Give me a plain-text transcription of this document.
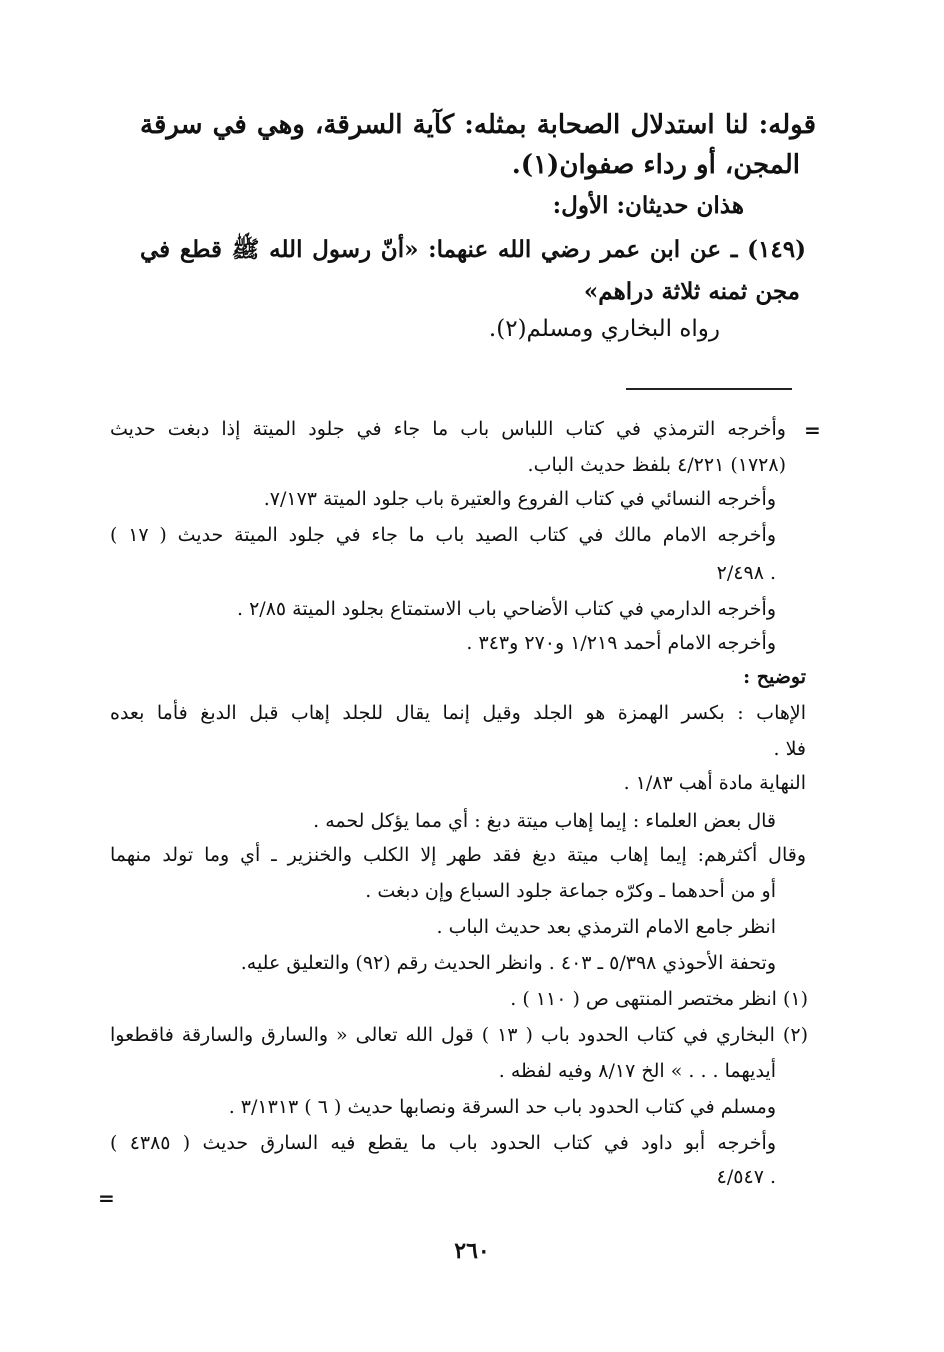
قوله: لنا استدلال الصحابة بمثله: كآية السرقة، وهي في سرقة
المجن، أو رداء صفوان(١).
هذان حديثان: الأول:
(١٤٩) ـ عن ابن عمر رضي الله عنهما: «أنّ رسول الله ﷺ قطع في
مجن ثمنه ثلاثة دراهم»
رواه البخاري ومسلم(٢).
=
وأخرجه الترمذي في كتاب اللباس باب ما جاء في جلود الميتة إذا دبغت حديث
(١٧٢٨) ٤/٢٢١ بلفظ حديث الباب.
وأخرجه النسائي في كتاب الفروع والعتيرة باب جلود الميتة ٧/١٧٣.
وأخرجه الامام مالك في كتاب الصيد باب ما جاء في جلود الميتة حديث ( ١٧ )
٢/٤٩٨ .
وأخرجه الدارمي في كتاب الأضاحي باب الاستمتاع بجلود الميتة ٢/٨٥ .
وأخرجه الامام أحمد ١/٢١٩ و٢٧٠ و٣٤٣ .
توضيح :
الإهاب : بكسر الهمزة هو الجلد وقيل إنما يقال للجلد إهاب قبل الدبغ فأما بعده
فلا .
النهاية مادة أهب ١/٨٣ .
قال بعض العلماء : إيما إهاب ميتة دبغ : أي مما يؤكل لحمه .
وقال أكثرهم: إيما إهاب ميتة دبغ فقد طهر إلا الكلب والخنزير ـ أي وما تولد منهما
أو من أحدهما ـ وكرّه جماعة جلود السباع وإن دبغت .
انظر جامع الامام الترمذي بعد حديث الباب .
وتحفة الأحوذي ٥/٣٩٨ ـ ٤٠٣ . وانظر الحديث رقم (٩٢) والتعليق عليه.
(١) انظر مختصر المنتهى ص ( ١١٠ ) .
(٢) البخاري في كتاب الحدود باب ( ١٣ ) قول الله تعالى « والسارق والسارقة فاقطعوا
أيديهما . . . » الخ ٨/١٧ وفيه لفظه .
ومسلم في كتاب الحدود باب حد السرقة ونصابها حديث ( ٦ ) ٣/١٣١٣ .
وأخرجه أبو داود في كتاب الحدود باب ما يقطع فيه السارق حديث ( ٤٣٨٥ )
٤/٥٤٧ .
=
٢٦٠
